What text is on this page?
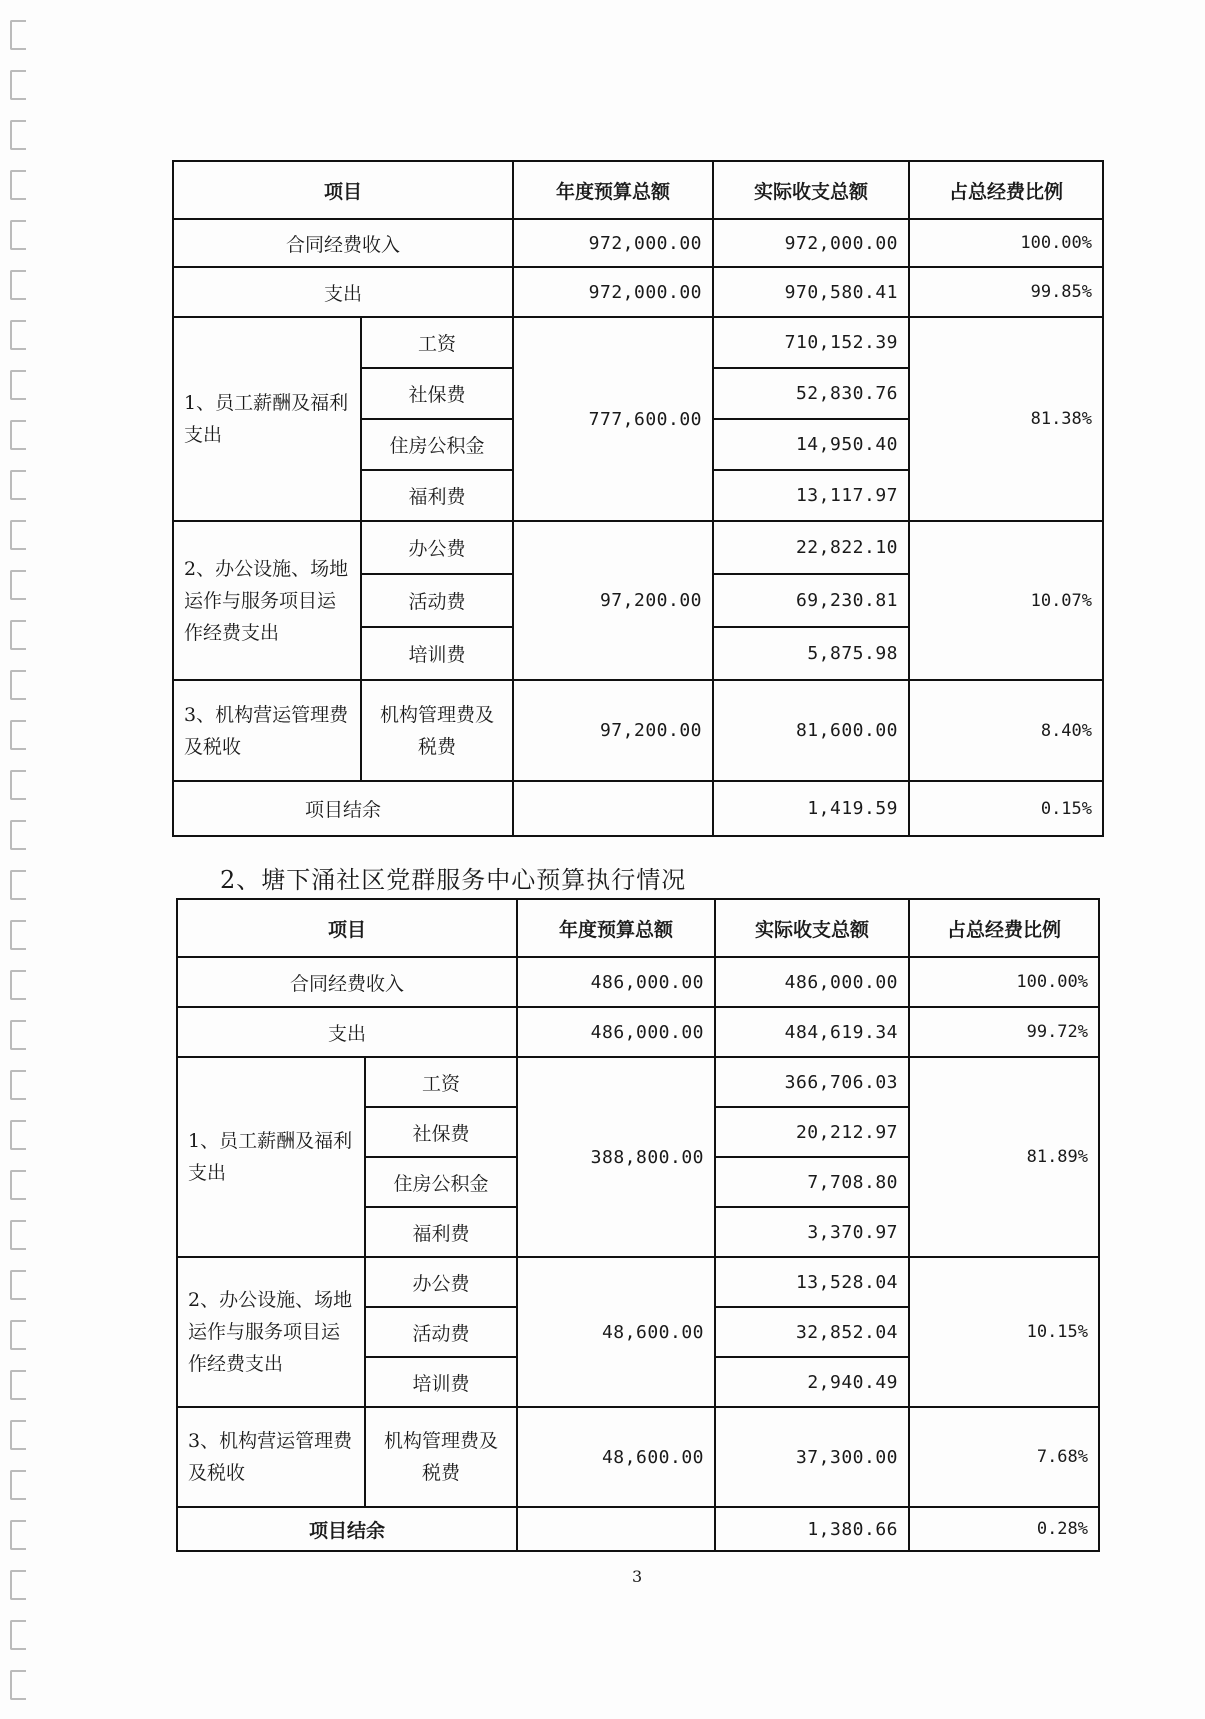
项目		年度预算总额	实际收支总额	占总经费比例
合同经费收入		972,000.00	972,000.00	100.00%
支出		972,000.00	970,580.41	99.85%
1、员工薪酬及福利支出	工资	777,600.00	710,152.39	81.38%
	社保费		52,830.76	
	住房公积金		14,950.40	
	福利费		13,117.97	
2、办公设施、场地运作与服务项目运作经费支出	办公费	97,200.00	22,822.10	10.07%
	活动费		69,230.81	
	培训费		5,875.98	
3、机构营运管理费及税收	机构管理费及税费	97,200.00	81,600.00	8.40%
项目结余			1,419.59	0.15%
2、塘下涌社区党群服务中心预算执行情况
项目		年度预算总额	实际收支总额	占总经费比例
合同经费收入		486,000.00	486,000.00	100.00%
支出		486,000.00	484,619.34	99.72%
1、员工薪酬及福利支出	工资	388,800.00	366,706.03	81.89%
	社保费		20,212.97	
	住房公积金		7,708.80	
	福利费		3,370.97	
2、办公设施、场地运作与服务项目运作经费支出	办公费	48,600.00	13,528.04	10.15%
	活动费		32,852.04	
	培训费		2,940.49	
3、机构营运管理费及税收	机构管理费及税费	48,600.00	37,300.00	7.68%
项目结余			1,380.66	0.28%
3
